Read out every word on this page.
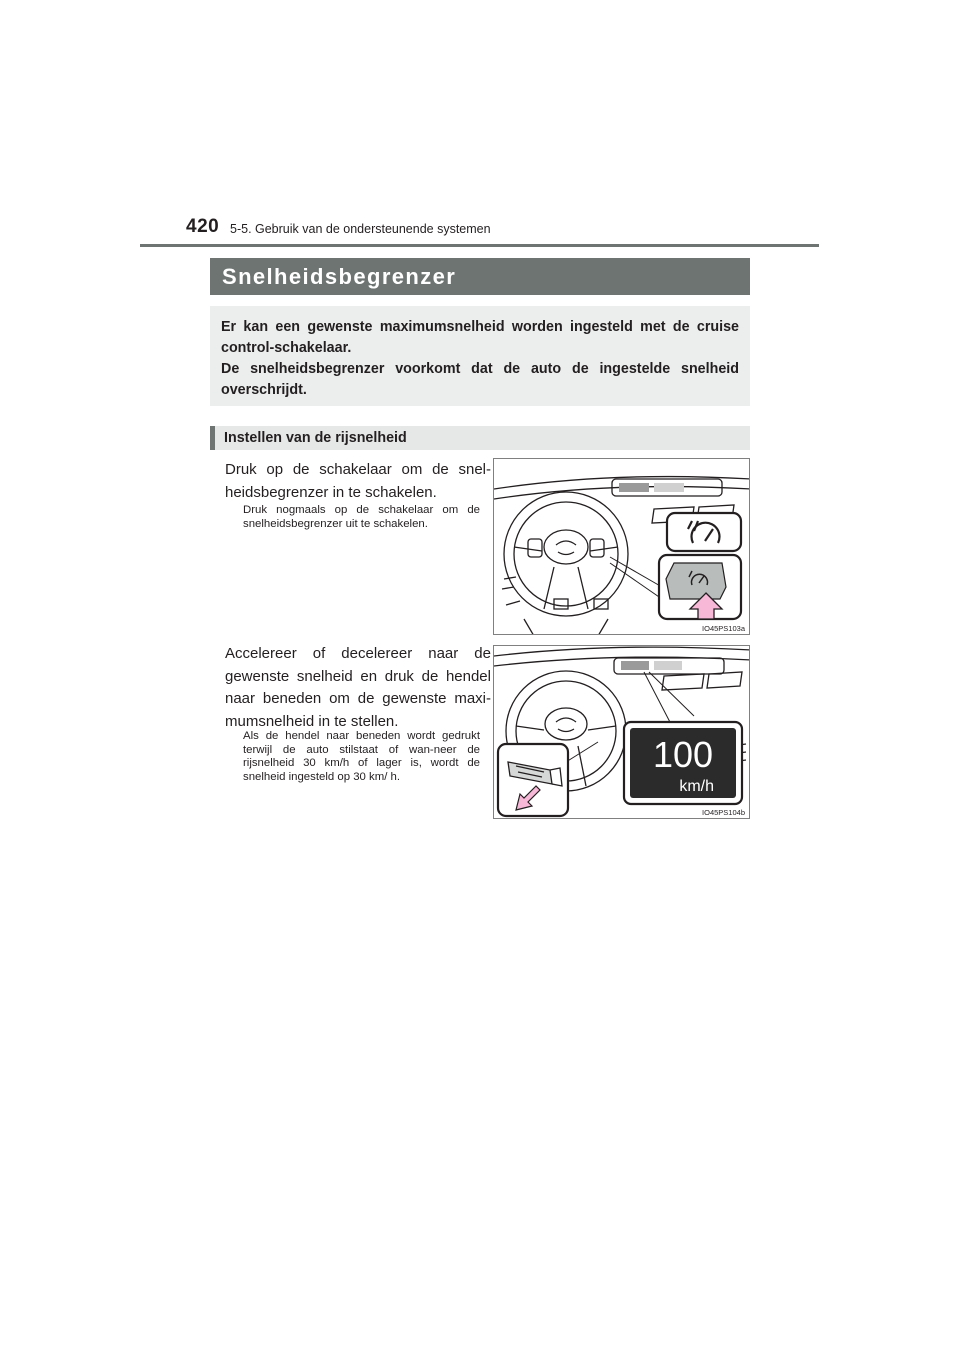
420 5-5. Gebruik van de ondersteunende systemen
Snelheidsbegrenzer

Er kan een gewenste maximumsnelheid worden ingesteld met de cruise control-schakelaar.

De snelheidsbegrenzer voorkomt dat de auto de ingestelde snelheid overschrijdt.

Instellen van de rijsnelheid

Druk op de schakelaar om de snel-heidsbegrenzer in te schakelen.

Druk nogmaals op de schakelaar om de snelheidsbegrenzer uit te schakelen.

IO45PS103a

Accelereer of decelereer naar de gewenste snelheid en druk de hendel naar beneden om de gewenste maxi-mumsnelheid in te stellen.

Als de hendel naar beneden wordt gedrukt terwijl de auto stilstaat of wan-neer de rijsnelheid 30 km/h of lager is, wordt de snelheid ingesteld op 30 km/ h.

100
km/h
IO45PS104b
